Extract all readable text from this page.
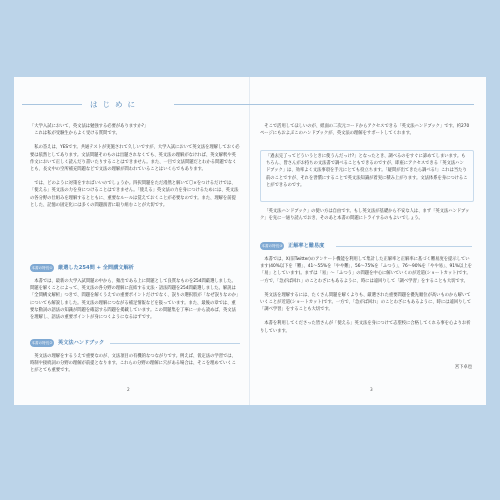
はじめに

「大学入試において、英文法は勉強する必要がありますか?」

これは私が受験生からよく受ける質問です。

私の答えは、YESです。共通テストが実施されて久しいですが、大学入試において英文法を理解しておく必要は依然としてあります。文法問題そのものは出題されなくても、英文法の理解がなければ、英文解釈や英作文において正しく読んだり書いたりすることはできません。また、一目で文法問題だとわかる問題でなくとも、長文中の空所補充問題などで文法の理解が問われていることはいくらでもあります。

では、どのように対策をすればいいのでしょうか。四択問題をただ漫然と解いて〇×をつけるだけでは、「使える」英文法の力を身につけることはできません。「使える」英文法の力を身につけるためには、英文法の各分野の仕組みを理解するとともに、重要なルールは覚えておくことが必要なのです。また、理解を前提とした、記憶の固定化には多くの問題演習に取り組むことが大切です。

本書の特長① 厳選した254問 + 全問講文解析

本書では、最新の大学入試問題の中から、頻出である上に問題として良質なものを254問厳選しました。問題を解くことによって、英文法の各分野の理解に直結する文法・語法問題を254問厳選しました。解説は「全問構文解析」つきで、問題を解くうえでの重要ポイントだけでなく、誤りの選択肢が「なぜ誤りなのか」についても解説しました。英文法の理解につながる補足情報などを扱っています。また、最後の章では、重要な動詞の語法の知識が問題を確認する問題を掲載しています。この問題集を丁寧に一から読めば、英文法を理解し、語法の重要ポイントが身につくようになるはずです。

本書の特長② 英文法ハンドブック

英文法の理解をするうえで重要なのが、文法項目の有機的なつながりです。例えば、仮定法の学習では、時制や接続詞の分野の理解が前提となります。これらの分野の理解に穴がある場合は、そこを埋めていくことがとても重要です。

2

そこで活用してほしいのが、紙面の二次元コードからアクセスできる「英文法ハンドブック」です。約270ページにもおよぶこのハンドブックが、英文法の理解をサポートしてくれます。

「過去完了ってどういうときに使うんだっけ?」となったとき、調べるのをすぐに諦めてしまいます。もちろん、皆さんがお持ちの文法書で調べることもできるのですが、即座にアクセスできる「英文法ハンドブック」は、効率よく文法事項を手元にとても役立ちます。「疑問が出てきたら調べる!」これは当たり前のことですが、それを習慣にすることで英文法知識が着実に積み上がります。文法体系を身につけることができるのです。

「英文法ハンドブック」の使い方は自由です。もし英文法が基礎から不安な人は、まず「英文法ハンドブック」を先に一通り読んでおき、そのあと本書の問題にトライするのもよいでしょう。

本書の特長③ 正解率と難易度

本書では、X(旧Twitter)のアンケート機能を利用して集計した正解率と正解率に基づく難易度を提示しています(40%以下を「難」、41〜55%を「やや難」、56〜75%を「ふつう」、76〜90%を「やや易」、91%以上を「易」としています)。まずは「易」〜「ふつう」の問題を中心に解いていくのが近道(ショートカット)です。一方で、「急がば回れ」のことわざにもあるように、時には遠回りして「調べ学習」をすることも大切です。

英文法を理解するには、たくさん問題を解くよりも、厳選された重要問題を優先順位が高いものから解いていくことが近道(ショートカット)です。一方で、「急がば回れ」のことわざにもあるように、時には遠回りして「調べ学習」をすることも大切です。

本書を利用してくださった皆さんが「使える」英文法を身につけて志望校に合格してくれる事を心よりお祈りしています。

宮下卓也
3
